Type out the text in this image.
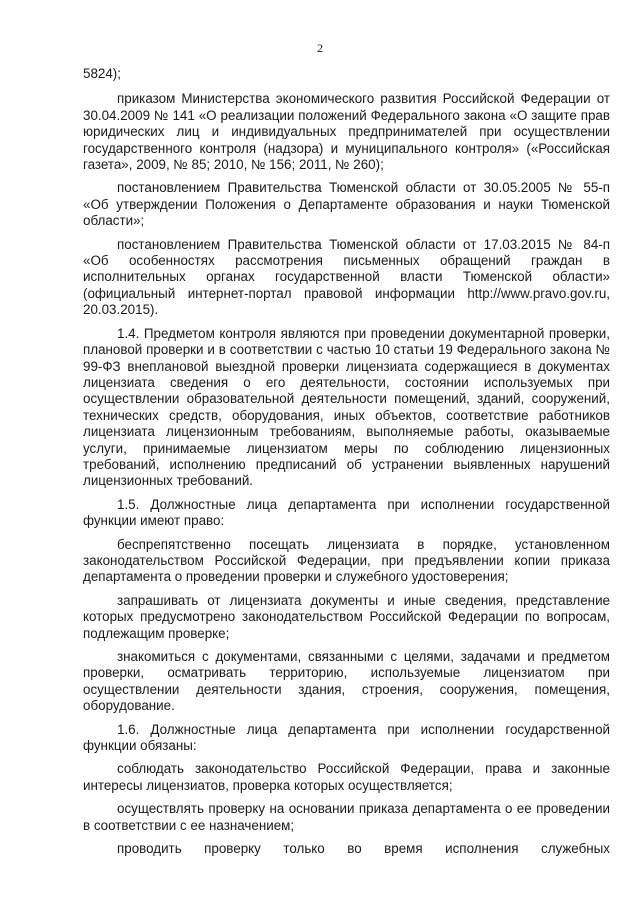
2

5824);

приказом Министерства экономического развития Российской Федерации от 30.04.2009 № 141 «О реализации положений Федерального закона «О защите прав юридических лиц и индивидуальных предпринимателей при осуществлении государственного контроля (надзора) и муниципального контроля» («Российская газета», 2009, № 85; 2010, № 156; 2011, № 260);

постановлением Правительства Тюменской области от 30.05.2005 № 55-п «Об утверждении Положения о Департаменте образования и науки Тюменской области»;

постановлением Правительства Тюменской области от 17.03.2015 № 84-п «Об особенностях рассмотрения письменных обращений граждан в исполнительных органах государственной власти Тюменской области» (официальный интернет-портал правовой информации http://www.pravo.gov.ru, 20.03.2015).

1.4. Предметом контроля являются при проведении документарной проверки, плановой проверки и в соответствии с частью 10 статьи 19 Федерального закона № 99-ФЗ внеплановой выездной проверки лицензиата содержащиеся в документах лицензиата сведения о его деятельности, состоянии используемых при осуществлении образовательной деятельности помещений, зданий, сооружений, технических средств, оборудования, иных объектов, соответствие работников лицензиата лицензионным требованиям, выполняемые работы, оказываемые услуги, принимаемые лицензиатом меры по соблюдению лицензионных требований, исполнению предписаний об устранении выявленных нарушений лицензионных требований.

1.5. Должностные лица департамента при исполнении государственной функции имеют право:

беспрепятственно посещать лицензиата в порядке, установленном законодательством Российской Федерации, при предъявлении копии приказа департамента о проведении проверки и служебного удостоверения;

запрашивать от лицензиата документы и иные сведения, представление которых предусмотрено законодательством Российской Федерации по вопросам, подлежащим проверке;

знакомиться с документами, связанными с целями, задачами и предметом проверки, осматривать территорию, используемые лицензиатом при осуществлении деятельности здания, строения, сооружения, помещения, оборудование.

1.6. Должностные лица департамента при исполнении государственной функции обязаны:

соблюдать законодательство Российской Федерации, права и законные интересы лицензиатов, проверка которых осуществляется;

осуществлять проверку на основании приказа департамента о ее проведении в соответствии с ее назначением;

проводить проверку только во время исполнения служебных
